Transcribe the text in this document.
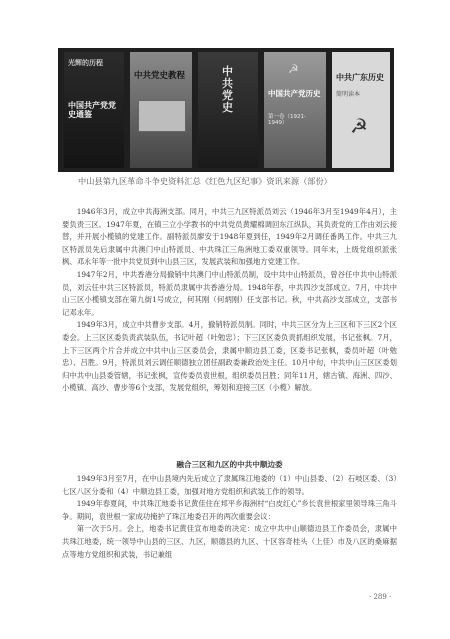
光辉的历程
中国共产党党史通鉴
中共党史教程	中共党史
☭
中国共产党历史
第一卷（1921-1949）
中共广东历史
简明读本
☭
中山县第九区革命斗争史资料汇总《红色九区纪事》资讯来源（部份）

1946年3月，成立中共海洲支部。同月，中共三九区特派员刘云（1946年3月至1949年4月），主要负责三区。1947年夏，在镇三立小学教书的中共党员黄耀棉调回东江纵队，其负责党的工作由刘云接替，并开展小榄镇的党建工作。副特派员廖安于1948年夏到任，1949年2月调任番禺工作。中共三九区特派员先后隶属中共澳门中山特派员、中共珠江三角洲地工委双重领导。同年末，上级党组织派张枫、邓永年等一批中共党员到中山县三区，发展武装和加强地方党建工作。

1947年2月，中共香港分局撤销中共澳门中山特派员制，设中共中山特派员，曾谷任中共中山特派员，刘云任中共三区特派员，特派员隶属中共香港分局。1948年春，中共四沙支部成立。7月，中共中山三区小榄镇支部在第九街1号成立，何其刚（何炳刚）任支部书记。秋，中共高沙支部成立，支部书记邓永年。

1949年3月，成立中共曹步支部。4月，撤销特派员制。同时，中共三区分为上三区和下三区2个区委会。上三区区委负责武装队伍，书记叶超（叶勉忠）；下三区区委负责抓组织发展，书记张枫。7月，上下三区两个片合并成立中共中山三区委员会，隶属中顺边县工委，区委书记张枫，委员叶超（叶勉忠）、吕胜。9月，特派员刘云调任顺德独立团任副政委兼政治处主任。10月中旬，中共中山三区区委划归中共中山县委管辖，书记张枫，宣传委员袁世根，组织委员吕胜；同年11月，辖古镇、海洲、四沙、小榄镇、高沙、曹步等6个支部，发展党组织，筹划和迎接三区（小榄）解放。

融合三区和九区的中共中顺边委

1949年3月至7月，在中山县境内先后成立了隶属珠江地委的（1）中山县委、（2）石岐区委、（3）七区八区分委和（4）中顺边县工委，加强对地方党组织和武装工作的领导。

1949年春夏间，中共珠江地委书记黄佳住在邦平乡海洲村“白皮红心”乡长袁世根家里领导珠三角斗争。期间，袁世根一家成功掩护了珠江地委召开的两次重要会议：

第一次于5月。会上，地委书记黄佳宣布地委的决定：成立中共中山顺德边县工作委员会，隶属中共珠江地委，统一领导中山县的三区、九区，顺德县的九区、十区容奇桂头（上佳）市及八区的桑麻据点等地方党组织和武装，书记兼组

· 289 ·
